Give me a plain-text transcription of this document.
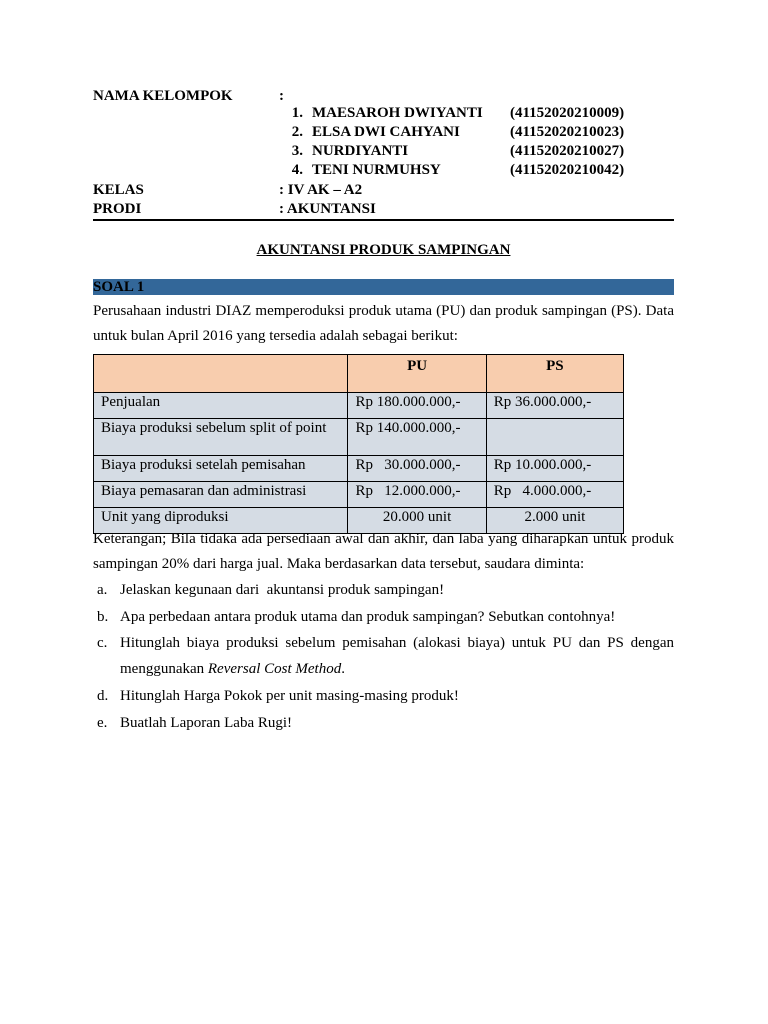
NAMA KELOMPOK	:
1. MAESAROH DWIYANTI (41152020210009)
2. ELSA DWI CAHYANI	(41152020210023)
3. NURDIYANTI	(41152020210027)
4. TENI NURMUHSY	(41152020210042)
KELAS	: IV AK – A2
PRODI	: AKUNTANSI
AKUNTANSI PRODUK SAMPINGAN
SOAL 1
Perusahaan industri DIAZ memperoduksi produk utama (PU) dan produk sampingan (PS). Data untuk bulan April 2016 yang tersedia adalah sebagai berikut:
	PU	PS
Penjualan	Rp 180.000.000,-	Rp 36.000.000,-
Biaya produksi sebelum split of point	Rp 140.000.000,-	
Biaya produksi setelah pemisahan	Rp   30.000.000,-	Rp 10.000.000,-
Biaya pemasaran dan administrasi	Rp   12.000.000,-	Rp   4.000.000,-
Unit yang diproduksi	20.000 unit	2.000 unit
Keterangan; Bila tidaka ada persediaan awal dan akhir, dan laba yang diharapkan untuk produk sampingan 20% dari harga jual. Maka berdasarkan data tersebut, saudara diminta:
a. Jelaskan kegunaan dari  akuntansi produk sampingan!
b. Apa perbedaan antara produk utama dan produk sampingan? Sebutkan contohnya!
c. Hitunglah biaya produksi sebelum pemisahan (alokasi biaya) untuk PU dan PS dengan menggunakan Reversal Cost Method.
d. Hitunglah Harga Pokok per unit masing-masing produk!
e. Buatlah Laporan Laba Rugi!
